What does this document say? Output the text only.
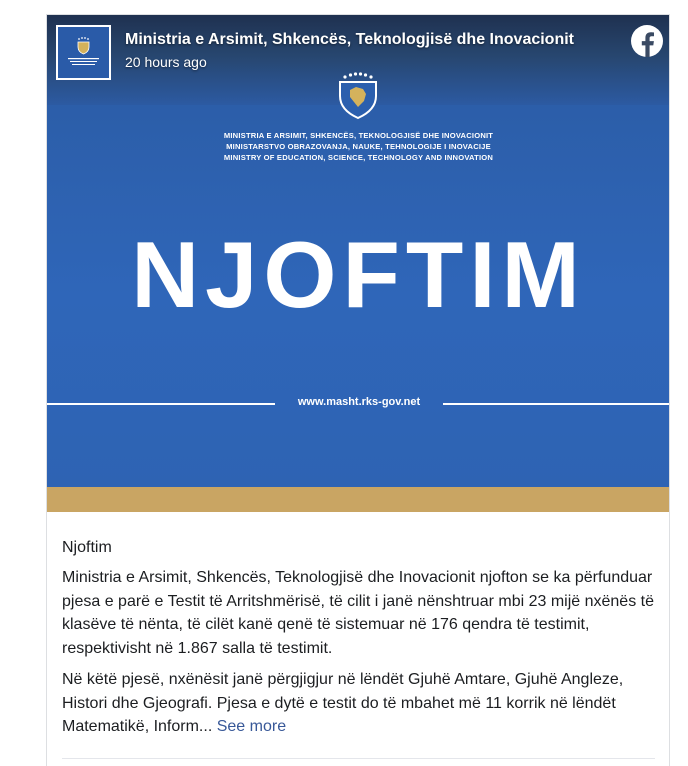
Ministria e Arsimit, Shkencës, Teknologjisë dhe Inovacionit
20 hours ago
MINISTRIA E ARSIMIT, SHKENCËS, TEKNOLOGJISË DHE INOVACIONIT
MINISTARSTVO OBRAZOVANJA, NAUKE, TEHNOLOGIJE I INOVACIJE
MINISTRY OF EDUCATION, SCIENCE, TECHNOLOGY AND INNOVATION
NJOFTIM
www.masht.rks-gov.net
Njoftim
Ministria e Arsimit, Shkencës, Teknologjisë dhe Inovacionit njofton se ka përfunduar pjesa e parë e Testit të Arritshmërisë, të cilit i janë nënshtruar mbi 23 mijë nxënës të klasëve të nënta, të cilët kanë qenë të sistemuar në 176 qendra të testimit, respektivisht në 1.867 salla të testimit.
Në këtë pjesë, nxënësit janë përgjigjur në lëndët Gjuhë Amtare, Gjuhë Angleze, Histori dhe Gjeografi. Pjesa e dytë e testit do të mbahet më 11 korrik në lëndët Matematikë, Inform... See more
